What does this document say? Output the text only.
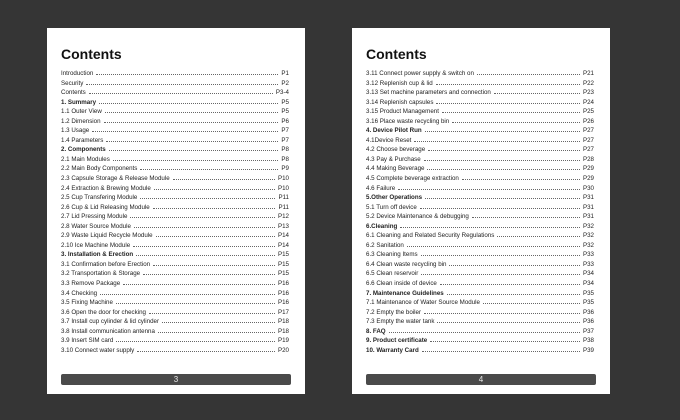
Contents
Introduction	P1
Security	P2
Contents	P3-4
1. Summary	P5
1.1 Outer View	P5
1.2 Dimension	P6
1.3 Usage	P7
1.4 Parameters	P7
2. Components	P8
2.1 Main Modules	P8
2.2 Main Body Components	P9
2.3 Capsule Storage & Release Module	P10
2.4 Extraction & Brewing Module	P10
2.5 Cup Transfering Module	P11
2.6 Cup & Lid Releasing Module	P11
2.7 Lid Pressing Module	P12
2.8 Water Source Module	P13
2.9 Waste Liquid Recycle Module	P14
2.10 Ice Machine Module	P14
3. Installation & Erection	P15
3.1 Confirmation before Erection	P15
3.2 Transportation & Storage	P15
3.3 Remove Package	P16
3.4 Checking	P16
3.5 Fixing Machine	P16
3.6 Open the door for checking	P17
3.7 Install cup cylinder & lid cylinder	P18
3.8 Install communication antenna	P18
3.9 Insert SIM card	P19
3.10 Connect water supply	P20
3
Contents
3.11 Connect power supply & switch on	P21
3.12 Replenish cup & lid	P22
3.13 Set machine parameters and connection	P23
3.14 Replenish capsules	P24
3.15 Product Management	P25
3.16 Place waste recycling bin	P26
4. Device Pilot Run	P27
4.1Device Reset	P27
4.2 Choose beverage	P27
4.3 Pay & Purchase	P28
4.4 Making Beverage	P29
4.5 Complete beverage extraction	P29
4.6 Failure	P30
5.Other Operations	P31
5.1 Turn off device	P31
5.2 Device Maintenance & debugging	P31
6.Cleaning	P32
6.1 Cleaning and Related Security Regulations	P32
6.2 Sanitation	P32
6.3 Cleaning Items	P33
6.4 Clean waste recycling bin	P33
6.5 Clean reservoir	P34
6.6 Clean inside of device	P34
7. Maintenance Guidelines	P35
7.1 Maintenance of Water Source Module	P35
7.2 Empty the boiler	P36
7.3 Empty the water tank	P36
8. FAQ	P37
9. Product certificate	P38
10. Warranty Card	P39
4
